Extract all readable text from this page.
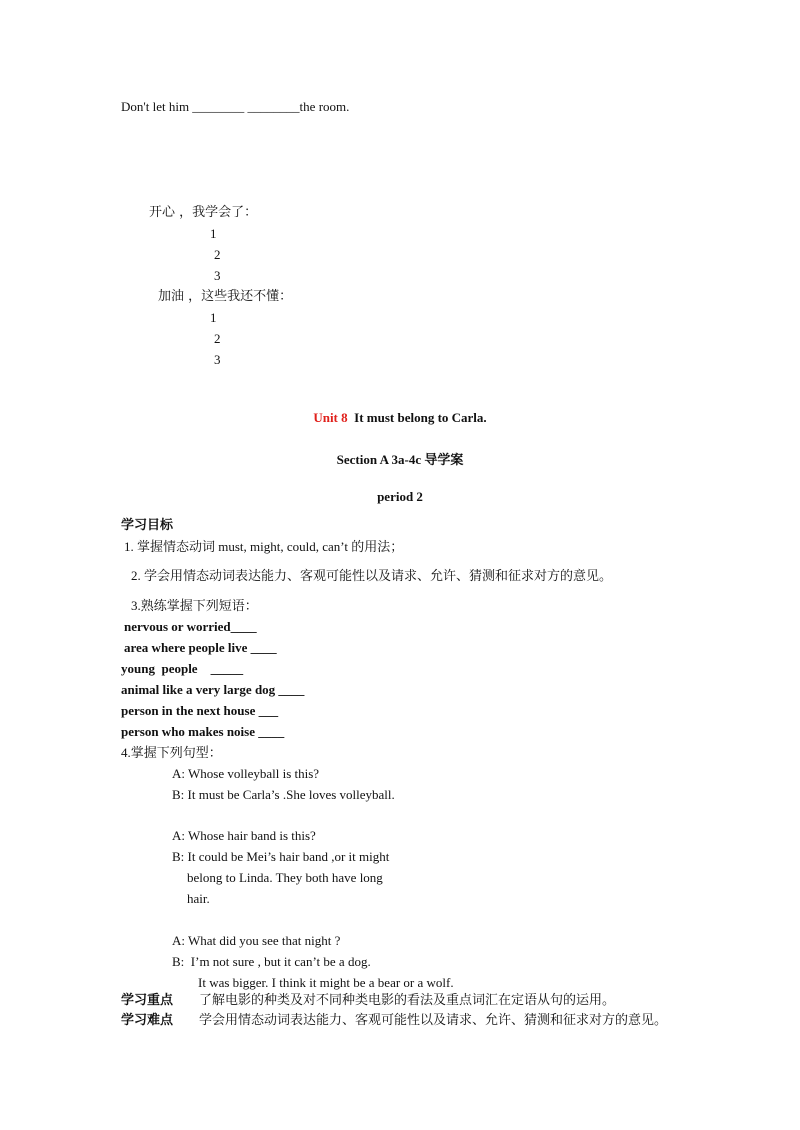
Don't let him ________ ________the room.
开心 ，我学会了：
1
2
3
加油 ，这些我还不懂：
1
2
3
Unit 8 It must belong to Carla.
Section A 3a-4c 导学案
period 2
学习目标
1. 掌握情态动词 must, might, could, can’t 的用法；
2. 学会用情态动词表达能力、客观可能性以及请求、允许、猜测和征求对方的意见。
3.熟练掌握下列短语：
nervous or worried____
area where people live ____
young  people    _____
animal like a very large dog ____
person in the next house ___
person who makes noise ____
4.掌握下列句型：
A: Whose volleyball is this?
B: It must be Carla’s .She loves volleyball.
A: Whose hair band is this?
B: It could be Mei’s hair band ,or it might
belong to Linda. They both have long
hair.
A: What did you see that night ?
B:  I’m not sure , but it can’t be a dog.
It was bigger. I think it might be a bear or a wolf.
学习重点 了解电影的种类及对不同种类电影的看法及重点词汇在定语从句的运用。
学习难点 学会用情态动词表达能力、客观可能性以及请求、允许、猜测和征求对方的意见。
